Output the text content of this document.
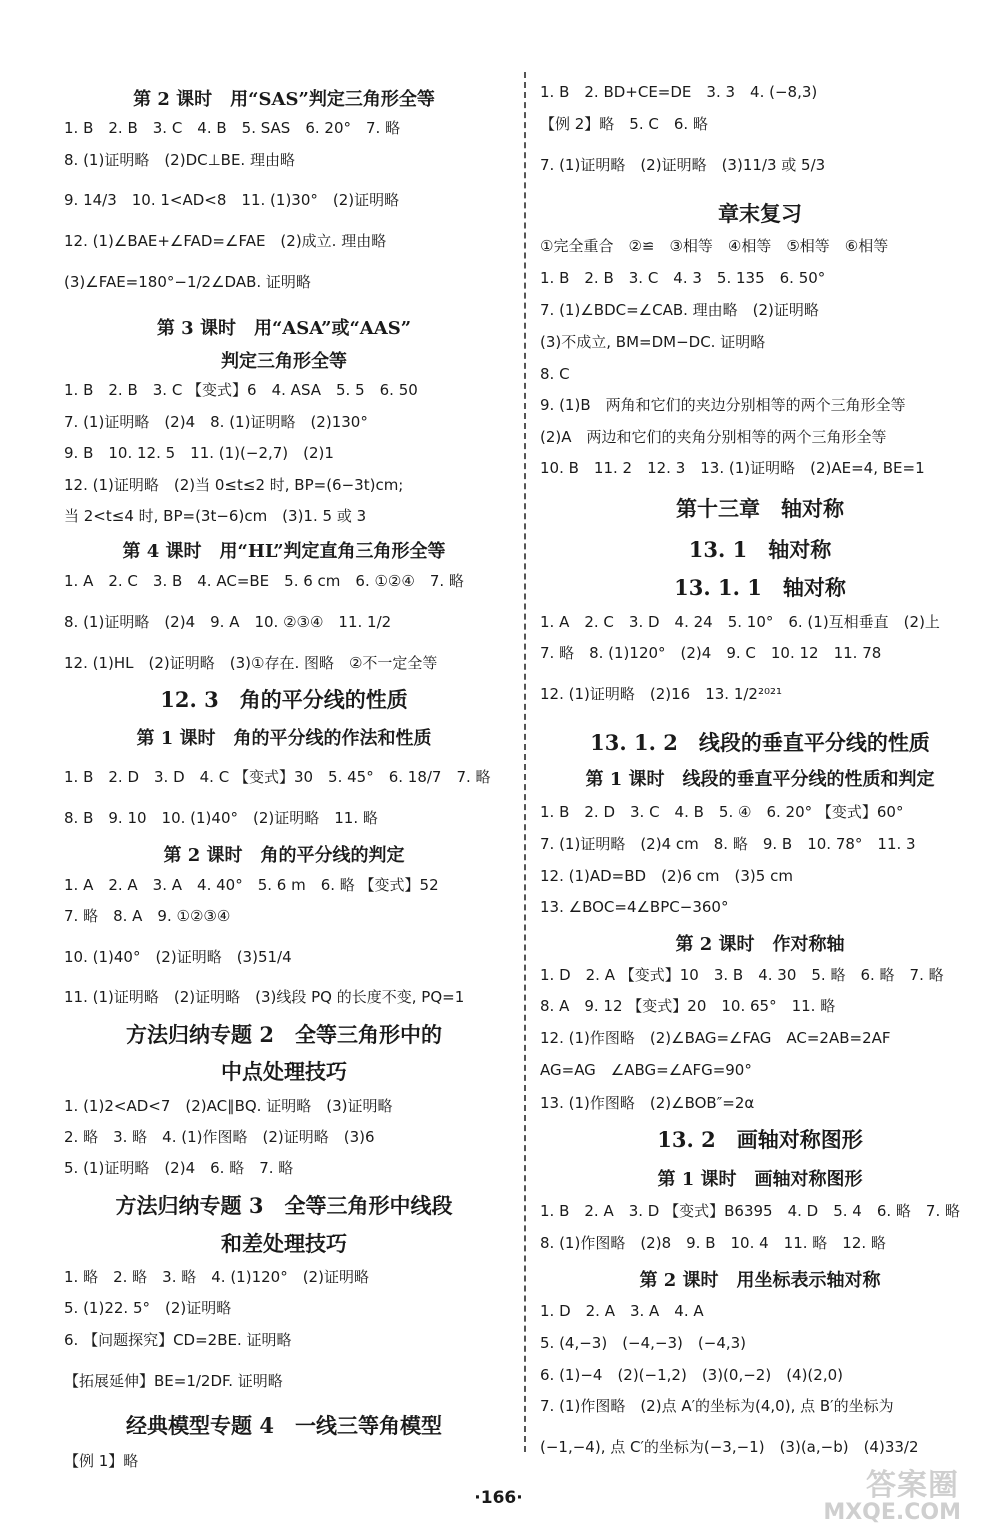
第 2 课时　用“SAS”判定三角形全等
1. B　2. B　3. C　4. B　5. SAS　6. 20°　7. 略
8. (1)证明略　(2)DC⊥BE. 理由略
9. 14/3　10. 1<AD<8　11. (1)30°　(2)证明略
12. (1)∠BAE+∠FAD=∠FAE　(2)成立. 理由略
(3)∠FAE=180°−1/2∠DAB. 证明略
第 3 课时　用“ASA”或“AAS”
判定三角形全等
1. B　2. B　3. C 【变式】6　4. ASA　5. 5　6. 50
7. (1)证明略　(2)4　8. (1)证明略　(2)130°
9. B　10. 12. 5　11. (1)(−2,7)　(2)1
12. (1)证明略　(2)当 0≤t≤2 时, BP=(6−3t)cm;
当 2<t≤4 时, BP=(3t−6)cm　(3)1. 5 或 3
第 4 课时　用“HL”判定直角三角形全等
1. A　2. C　3. B　4. AC=BE　5. 6 cm　6. ①②④　7. 略
8. (1)证明略　(2)4　9. A　10. ②③④　11. 1/2
12. (1)HL　(2)证明略　(3)①存在. 图略　②不一定全等
12. 3　角的平分线的性质
第 1 课时　角的平分线的作法和性质
1. B　2. D　3. D　4. C 【变式】30　5. 45°　6. 18/7　7. 略
8. B　9. 10　10. (1)40°　(2)证明略　11. 略
第 2 课时　角的平分线的判定
1. A　2. A　3. A　4. 40°　5. 6 m　6. 略 【变式】52
7. 略　8. A　9. ①②③④
10. (1)40°　(2)证明略　(3)51/4
11. (1)证明略　(2)证明略　(3)线段 PQ 的长度不变, PQ=1
方法归纳专题 2　全等三角形中的
中点处理技巧
1. (1)2<AD<7　(2)AC∥BQ. 证明略　(3)证明略
2. 略　3. 略　4. (1)作图略　(2)证明略　(3)6
5. (1)证明略　(2)4　6. 略　7. 略
方法归纳专题 3　全等三角形中线段
和差处理技巧
1. 略　2. 略　3. 略　4. (1)120°　(2)证明略
5. (1)22. 5°　(2)证明略
6. 【问题探究】CD=2BE. 证明略
【拓展延伸】BE=1/2DF. 证明略
经典模型专题 4　一线三等角模型
【例 1】略
1. B　2. BD+CE=DE　3. 3　4. (−8,3)
【例 2】略　5. C　6. 略
7. (1)证明略　(2)证明略　(3)11/3 或 5/3
章末复习
①完全重合　②≌　③相等　④相等　⑤相等　⑥相等
1. B　2. B　3. C　4. 3　5. 135　6. 50°
7. (1)∠BDC=∠CAB. 理由略　(2)证明略
(3)不成立, BM=DM−DC. 证明略
8. C
9. (1)B　两角和它们的夹边分别相等的两个三角形全等
(2)A　两边和它们的夹角分别相等的两个三角形全等
10. B　11. 2　12. 3　13. (1)证明略　(2)AE=4, BE=1
第十三章　轴对称
13. 1　轴对称
13. 1. 1　轴对称
1. A　2. C　3. D　4. 24　5. 10°　6. (1)互相垂直　(2)上
7. 略　8. (1)120°　(2)4　9. C　10. 12　11. 78
12. (1)证明略　(2)16　13. 1/2²⁰²¹
13. 1. 2　线段的垂直平分线的性质
第 1 课时　线段的垂直平分线的性质和判定
1. B　2. D　3. C　4. B　5. ④　6. 20° 【变式】60°
7. (1)证明略　(2)4 cm　8. 略　9. B　10. 78°　11. 3
12. (1)AD=BD　(2)6 cm　(3)5 cm
13. ∠BOC=4∠BPC−360°
第 2 课时　作对称轴
1. D　2. A 【变式】10　3. B　4. 30　5. 略　6. 略　7. 略
8. A　9. 12 【变式】20　10. 65°　11. 略
12. (1)作图略　(2)∠BAG=∠FAG　AC=2AB=2AF
AG=AG　∠ABG=∠AFG=90°
13. (1)作图略　(2)∠BOB″=2α
13. 2　画轴对称图形
第 1 课时　画轴对称图形
1. B　2. A　3. D 【变式】B6395　4. D　5. 4　6. 略　7. 略
8. (1)作图略　(2)8　9. B　10. 4　11. 略　12. 略
第 2 课时　用坐标表示轴对称
1. D　2. A　3. A　4. A
5. (4,−3)　(−4,−3)　(−4,3)
6. (1)−4　(2)(−1,2)　(3)(0,−2)　(4)(2,0)
7. (1)作图略　(2)点 A′的坐标为(4,0), 点 B′的坐标为
(−1,−4), 点 C′的坐标为(−3,−1)　(3)(a,−b)　(4)33/2
·166·	答案圈
MXQE.COM
